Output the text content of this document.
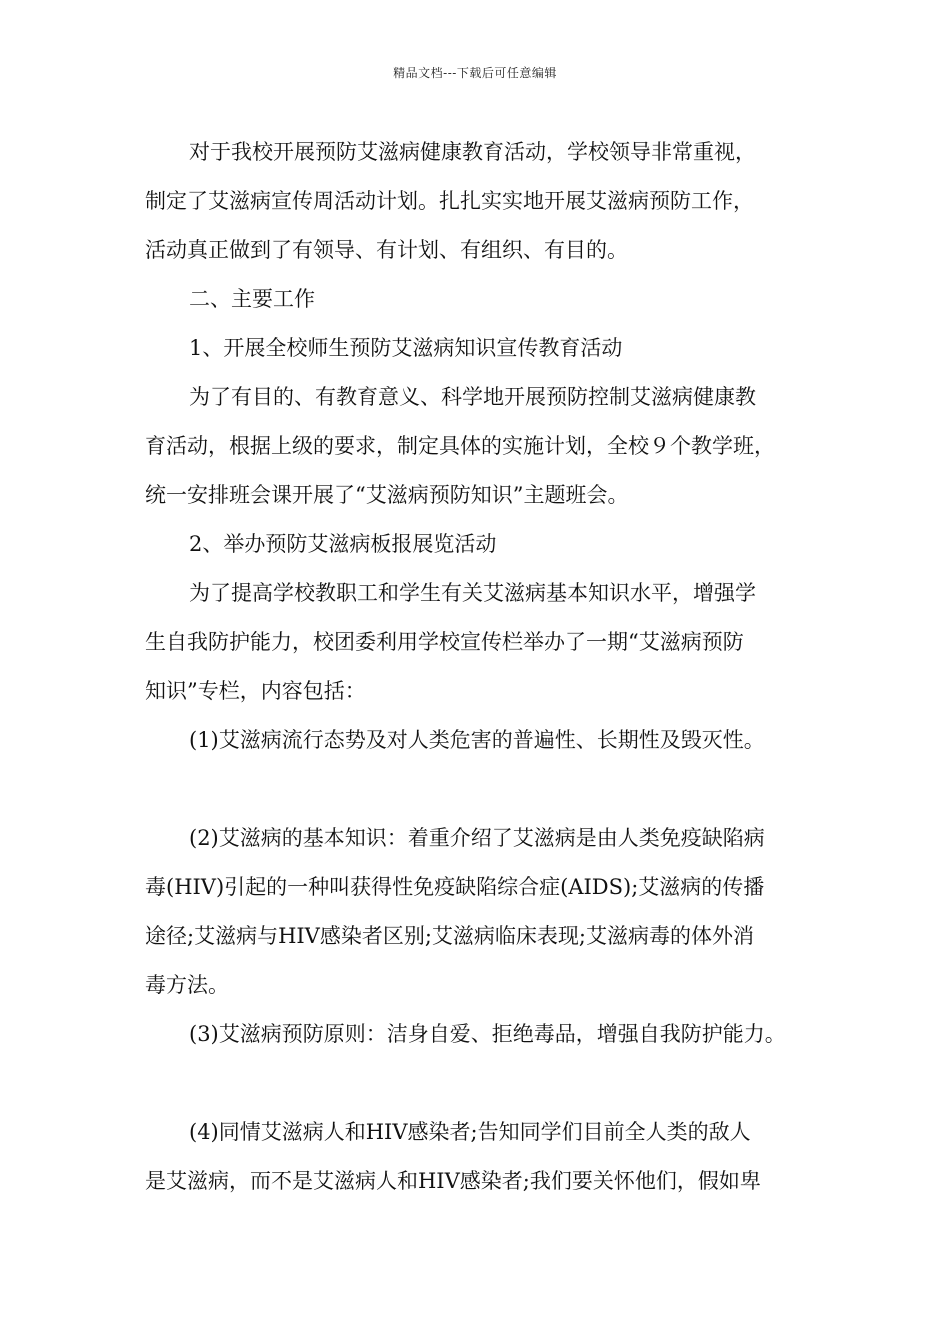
精品文档---下载后可任意编辑
对于我校开展预防艾滋病健康教育活动，学校领导非常重视，
制定了艾滋病宣传周活动计划。扎扎实实地开展艾滋病预防工作，
活动真正做到了有领导、有计划、有组织、有目的。
二、主要工作
1、开展全校师生预防艾滋病知识宣传教育活动
为了有目的、有教育意义、科学地开展预防控制艾滋病健康教
育活动，根据上级的要求，制定具体的实施计划，全校９个教学班，
统一安排班会课开展了“艾滋病预防知识”主题班会。
2、举办预防艾滋病板报展览活动
为了提高学校教职工和学生有关艾滋病基本知识水平，增强学
生自我防护能力，校团委利用学校宣传栏举办了一期“艾滋病预防
知识”专栏，内容包括：
(1)艾滋病流行态势及对人类危害的普遍性、长期性及毁灭性。
(2)艾滋病的基本知识：着重介绍了艾滋病是由人类免疫缺陷病
毒(HIV)引起的一种叫获得性免疫缺陷综合症(AIDS);艾滋病的传播
途径;艾滋病与HIV感染者区别;艾滋病临床表现;艾滋病毒的体外消
毒方法。
(3)艾滋病预防原则：洁身自爱、拒绝毒品，增强自我防护能力。
(4)同情艾滋病人和HIV感染者;告知同学们目前全人类的敌人
是艾滋病，而不是艾滋病人和HIV感染者;我们要关怀他们，假如卑
